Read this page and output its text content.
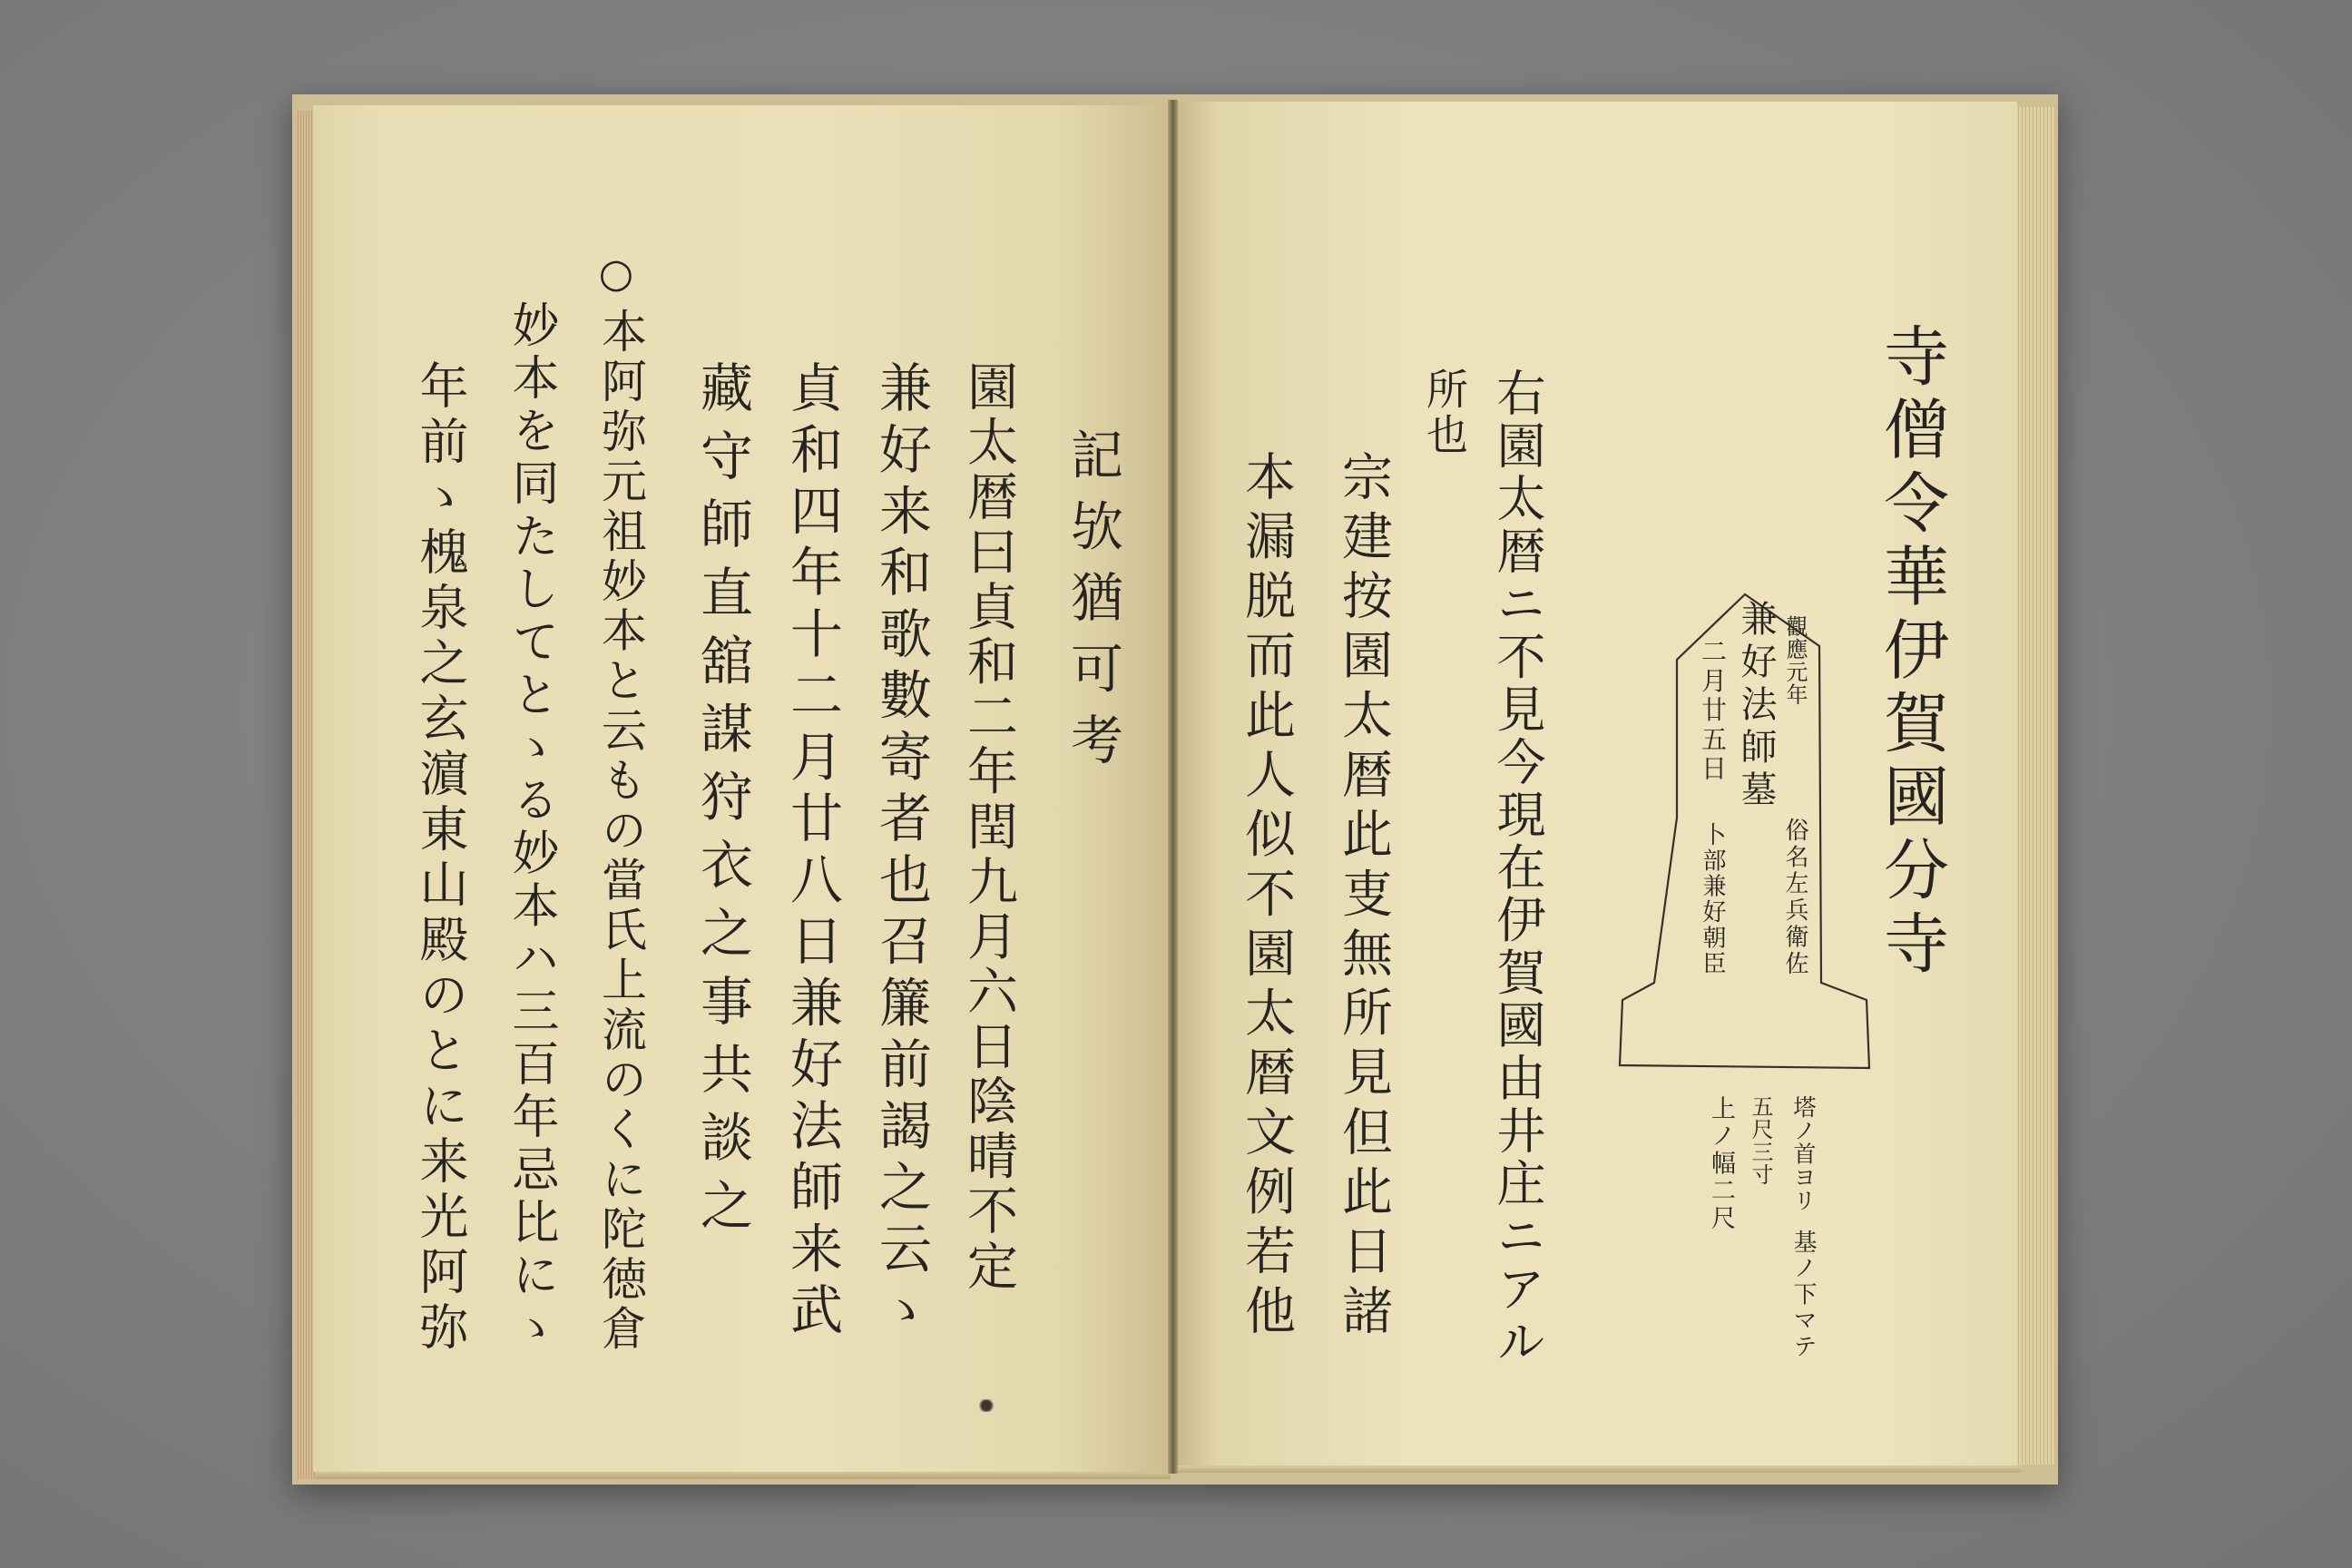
記欤猶可考
園太暦曰貞和二年閏九月六日陰晴不定
兼好来和歌數寄者也召簾前謁之云ゝ
貞和四年十二月廿八日兼好法師来武
藏守師直舘謀狩衣之事共談之
○
本阿弥元祖妙本と云もの當氏上流のくに陀徳倉
妙本を同たしてとゝる妙本ハ三百年忌比にゝ
年前ゝ槐泉之玄濵東山殿のとに来光阿弥	寺僧令華伊賀國分寺
觀應元年
兼好法師墓
二月廿五日
俗名左兵衛佐
卜部兼好朝臣
塔ノ首ヨリ
基ノ下マテ
五尺三寸
上ノ幅二尺
右園太暦ニ不見今現在伊賀國由井庄ニアル
所也
宗建按園太暦此叓無所見但此日諸
本漏脱而此人似不園太暦文例若他
